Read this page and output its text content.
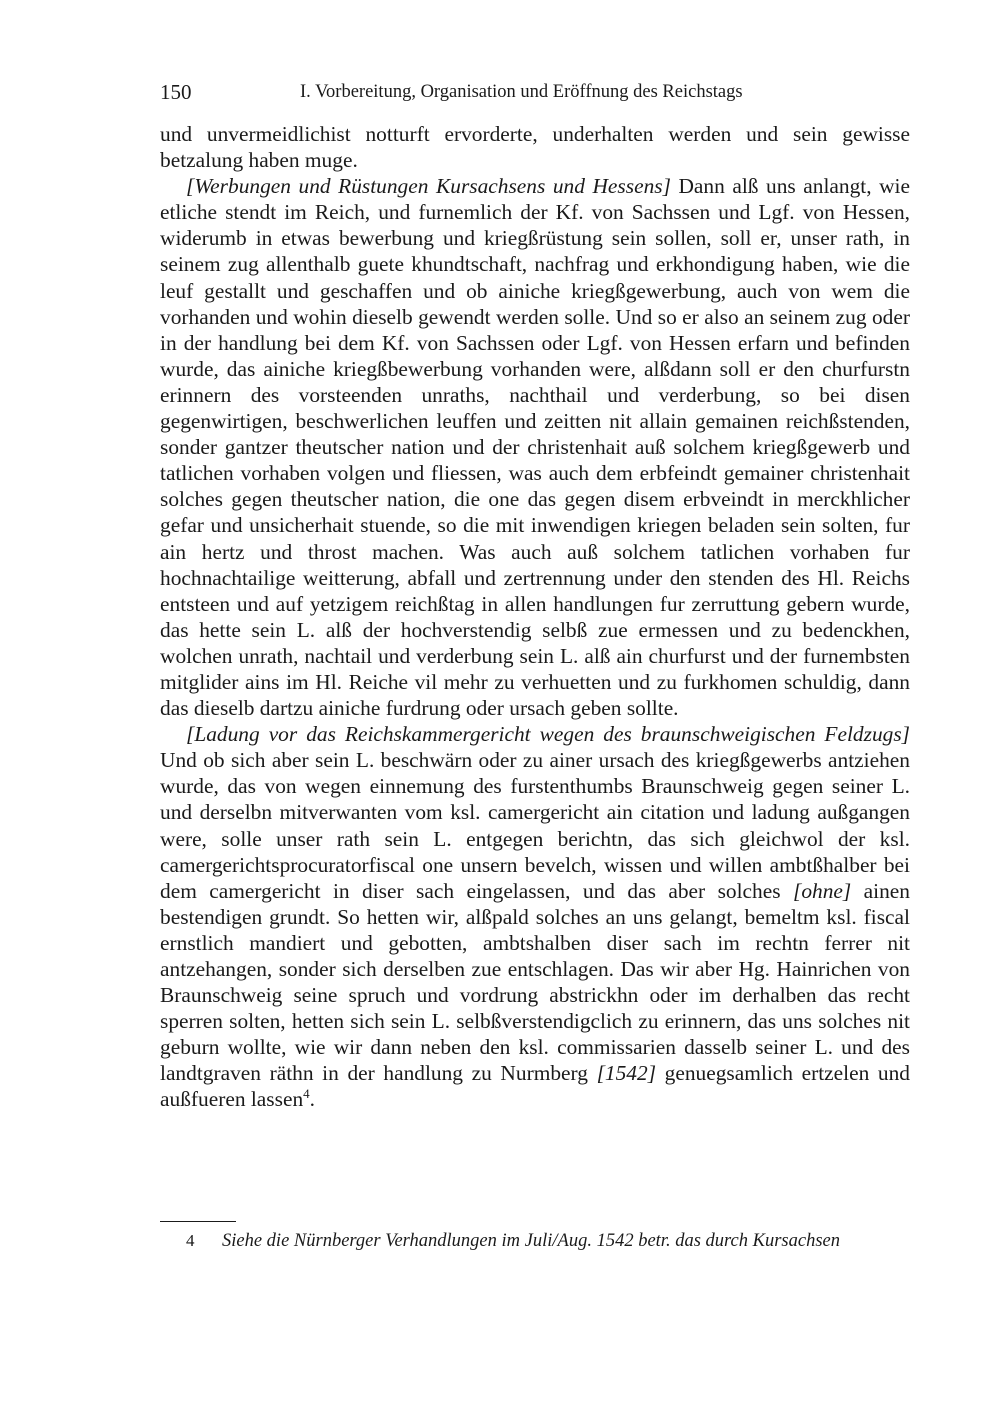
150	I. Vorbereitung, Organisation und Eröffnung des Reichstags

und unvermeidlichist notturft ervorderte, underhalten werden und sein gewisse betzalung haben muge.

[Werbungen und Rüstungen Kursachsens und Hessens] Dann alß uns anlangt, wie etliche stendt im Reich, und furnemlich der Kf. von Sachssen und Lgf. von Hessen, widerumb in etwas bewerbung und kriegßrüstung sein sollen, soll er, unser rath, in seinem zug allenthalb guete khundtschaft, nachfrag und erkhondigung haben, wie die leuf gestallt und geschaffen und ob ainiche kriegßgewerbung, auch von wem die vorhanden und wohin dieselb gewendt werden solle. Und so er also an seinem zug oder in der handlung bei dem Kf. von Sachssen oder Lgf. von Hessen erfarn und befinden wurde, das ainiche kriegßbewerbung vorhanden were, alßdann soll er den churfurstn erinnern des vorsteenden unraths, nachthail und verderbung, so bei disen gegenwirtigen, beschwerlichen leuffen und zeitten nit allain gemainen reichßstenden, sonder gantzer theutscher nation und der christenhait auß solchem kriegßgewerb und tatlichen vorhaben volgen und fliessen, was auch dem erbfeindt gemainer christenhait solches gegen theutscher nation, die one das gegen disem erbveindt in merckhlicher gefar und unsicherhait stuende, so die mit inwendigen kriegen beladen sein solten, fur ain hertz und throst machen. Was auch auß solchem tatlichen vorhaben fur hochnachtailige weitterung, abfall und zertrennung under den stenden des Hl. Reichs entsteen und auf yetzigem reichßtag in allen handlungen fur zerruttung gebern wurde, das hette sein L. alß der hochverstendig selbß zue ermessen und zu bedenckhen, wolchen unrath, nachtail und verderbung sein L. alß ain churfurst und der furnembsten mitglider ains im Hl. Reiche vil mehr zu verhuetten und zu furkhomen schuldig, dann das dieselb dartzu ainiche furdrung oder ursach geben sollte.

[Ladung vor das Reichskammergericht wegen des braunschweigischen Feldzugs] Und ob sich aber sein L. beschwärn oder zu ainer ursach des kriegßgewerbs antziehen wurde, das von wegen einnemung des furstenthumbs Braunschweig gegen seiner L. und derselbn mitverwanten vom ksl. camergericht ain citation und ladung außgangen were, solle unser rath sein L. entgegen berichtn, das sich gleichwol der ksl. camergerichtsprocuratorfiscal one unsern bevelch, wissen und willen ambtßhalber bei dem camergericht in diser sach eingelassen, und das aber solches [ohne] ainen bestendigen grundt. So hetten wir, alßpald solches an uns gelangt, bemeltm ksl. fiscal ernstlich mandiert und gebotten, ambtshalben diser sach im rechtn ferrer nit antzehangen, sonder sich derselben zue entschlagen. Das wir aber Hg. Hainrichen von Braunschweig seine spruch und vordrung abstrickhn oder im derhalben das recht sperren solten, hetten sich sein L. selbßverstendigclich zu erinnern, das uns solches nit geburn wollte, wie wir dann neben den ksl. commissarien dasselb seiner L. und des landtgraven räthn in der handlung zu Nurmberg [1542] genuegsamlich ertzelen und außfueren lassen$^4$.

4 Siehe die Nürnberger Verhandlungen im Juli/Aug. 1542 betr. das durch Kursachsen
